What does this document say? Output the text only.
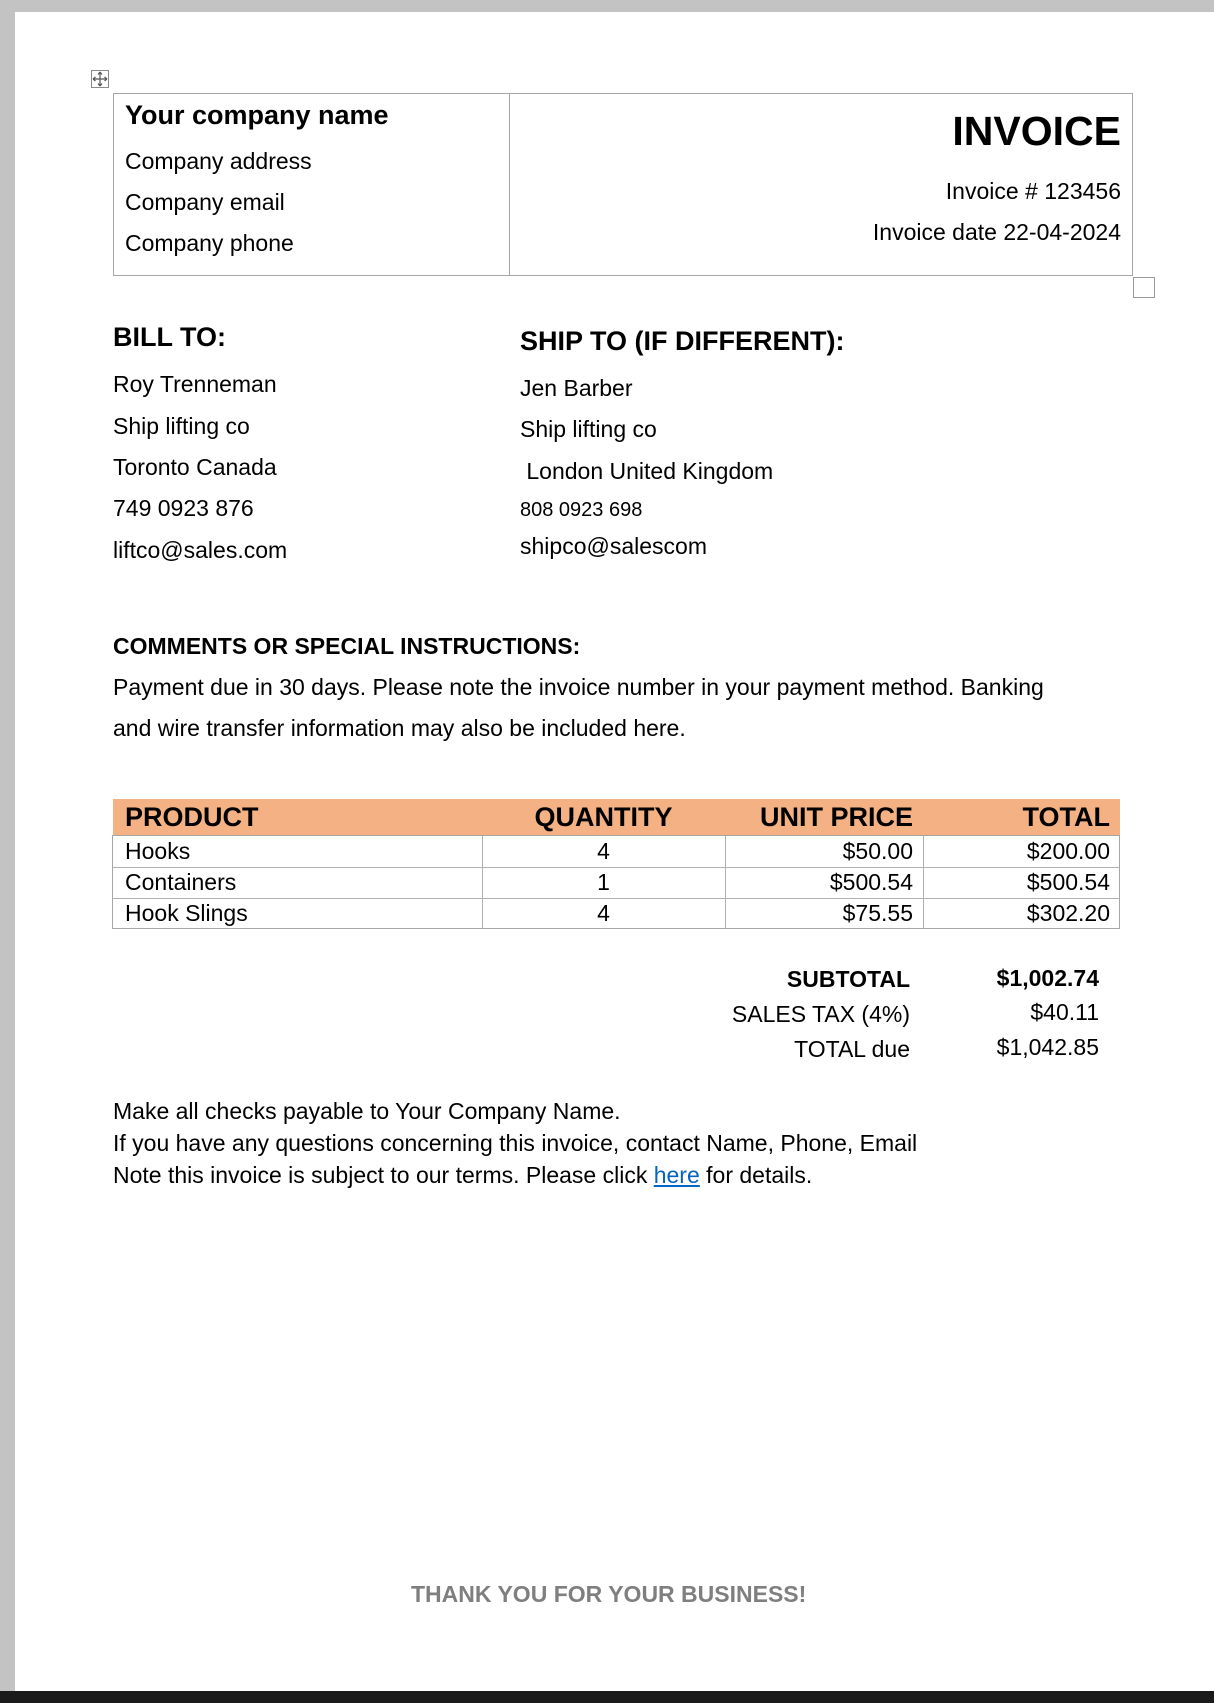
Your company name
Company address
Company email
Company phone
INVOICE
Invoice # 123456
Invoice date 22-04-2024
BILL TO:
Roy Trenneman
Ship lifting co
Toronto Canada
749 0923 876
liftco@sales.com
SHIP TO (IF DIFFERENT):
Jen Barber
Ship lifting co
London United Kingdom
808 0923 698
shipco@salescom
COMMENTS OR SPECIAL INSTRUCTIONS:
Payment due in 30 days. Please note the invoice number in your payment method. Banking
and wire transfer information may also be included here.
PRODUCT	QUANTITY	UNIT PRICE	TOTAL
Hooks	4	$50.00	$200.00
Containers	1	$500.54	$500.54
Hook Slings	4	$75.55	$302.20
SUBTOTAL	$1,002.74
SALES TAX (4%)	$40.11
TOTAL due	$1,042.85
Make all checks payable to Your Company Name.
If you have any questions concerning this invoice, contact Name, Phone, Email
Note this invoice is subject to our terms. Please click here for details.
THANK YOU FOR YOUR BUSINESS!
